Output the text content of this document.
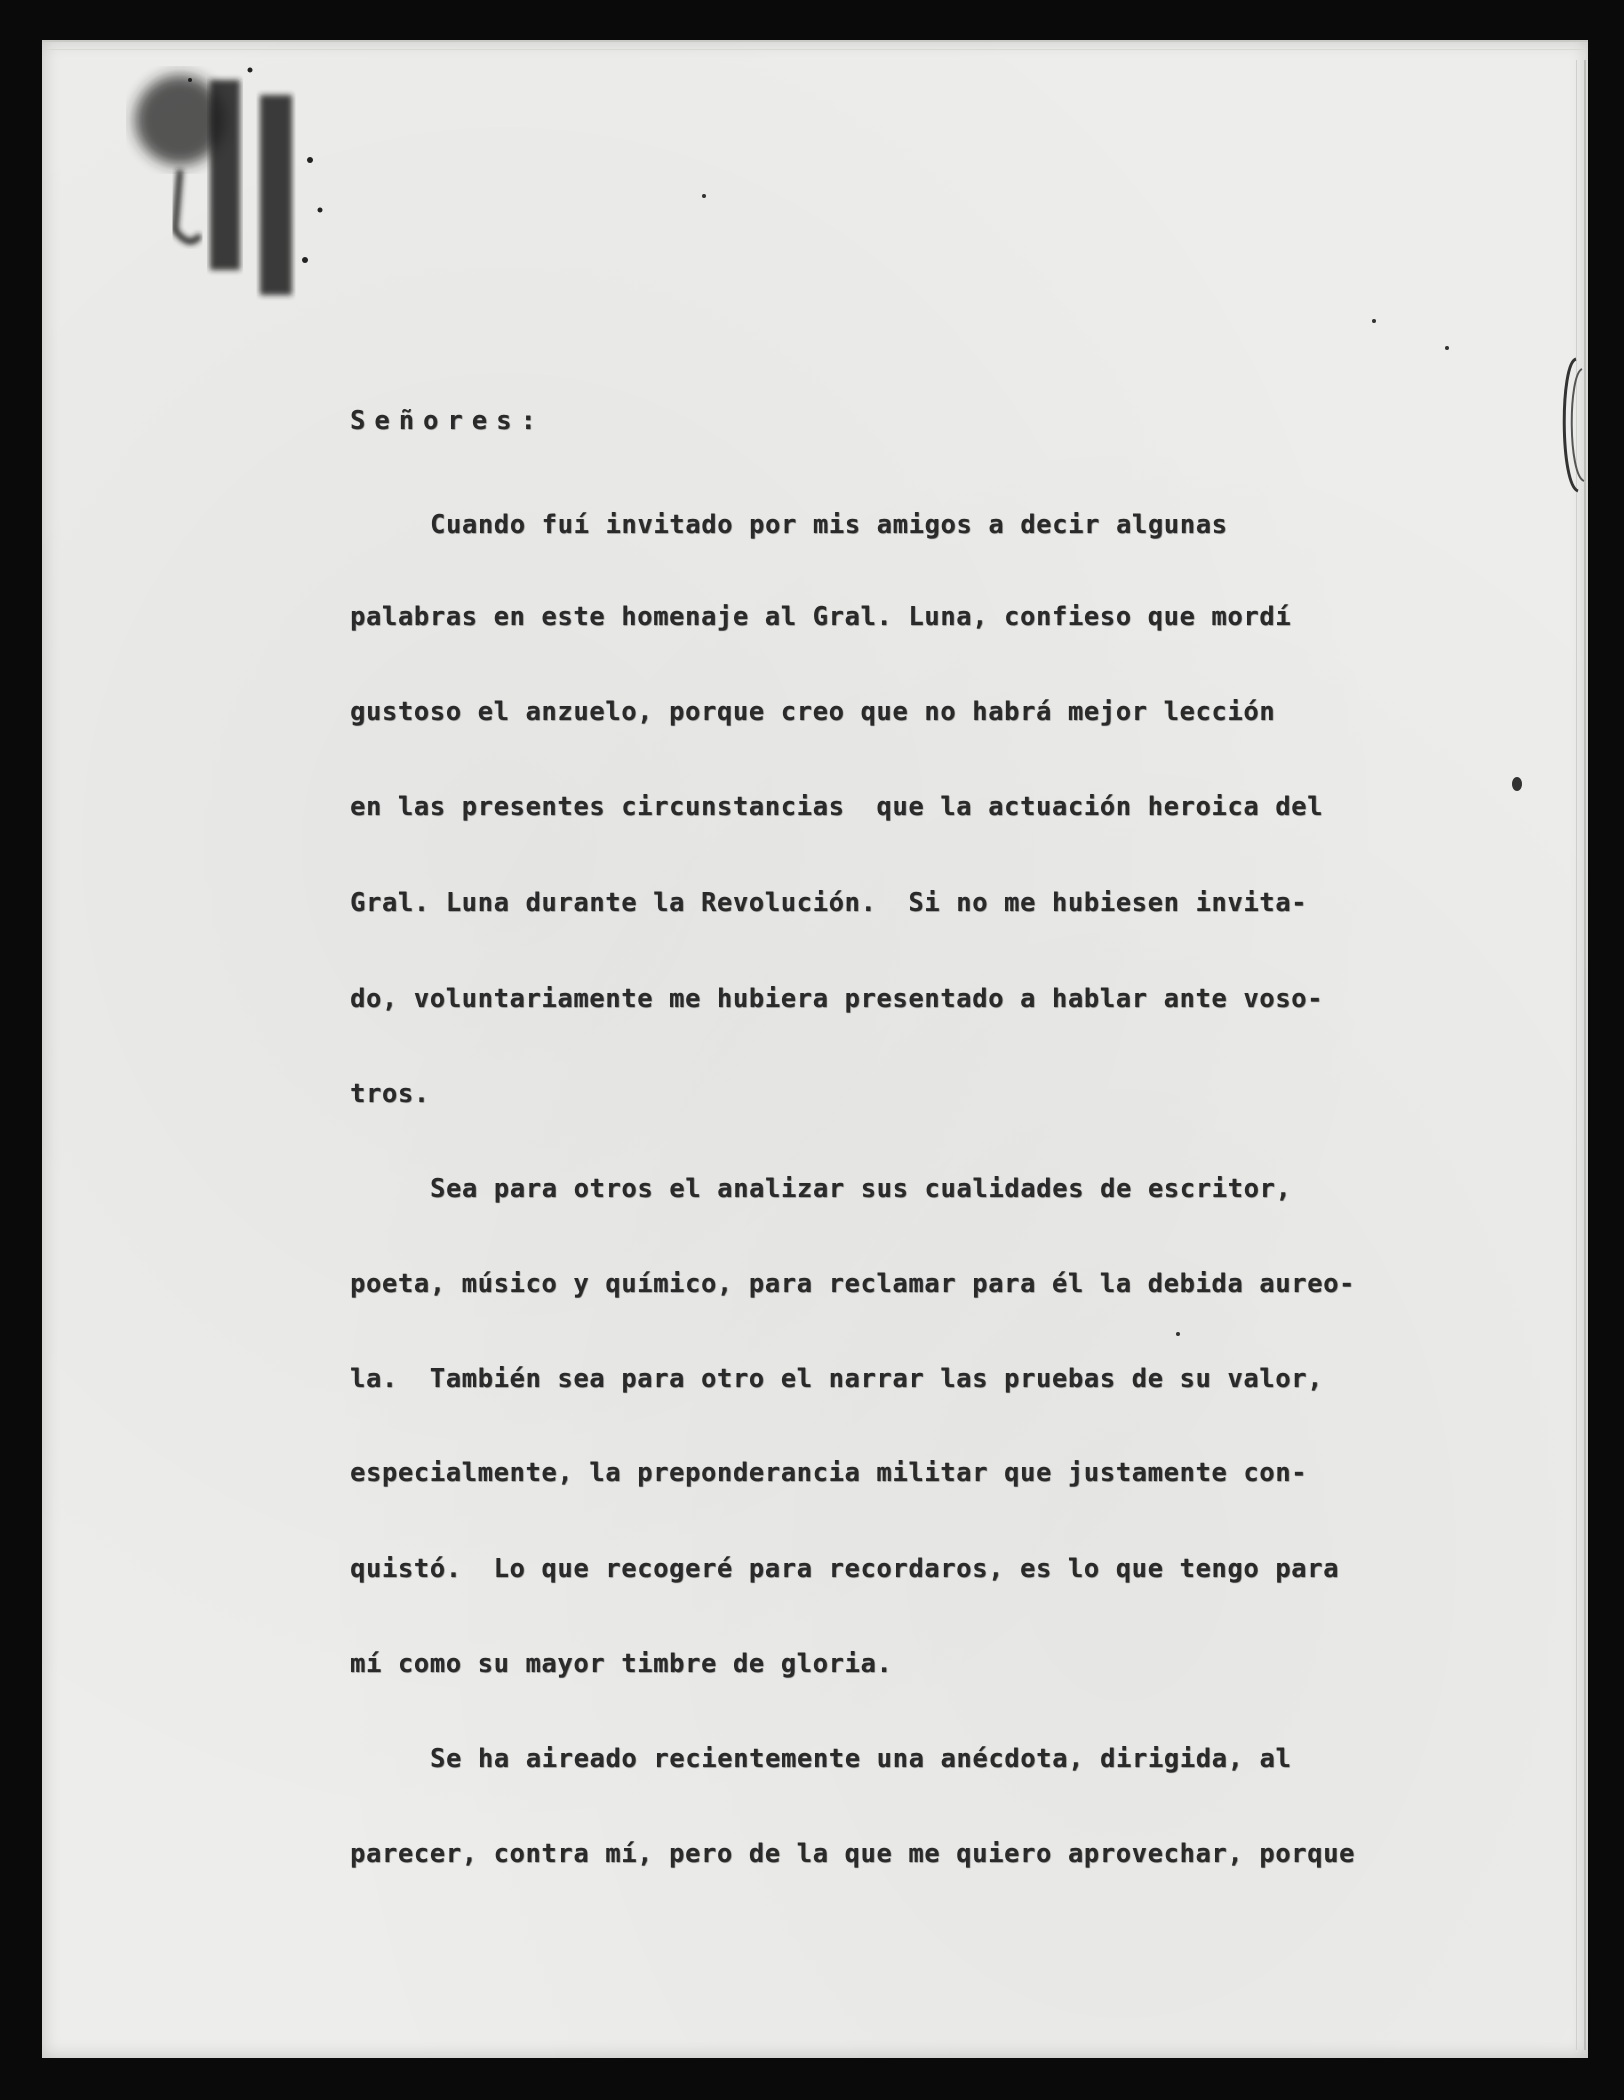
Señores:
Cuando fuí invitado por mis amigos a decir algunas
palabras en este homenaje al Gral. Luna, confieso que mordí
gustoso el anzuelo, porque creo que no habrá mejor lección
en las presentes circunstancias  que la actuación heroica del
Gral. Luna durante la Revolución.  Si no me hubiesen invita-
do, voluntariamente me hubiera presentado a hablar ante voso-
tros.
Sea para otros el analizar sus cualidades de escritor,
poeta, músico y químico, para reclamar para él la debida aureo-
la.  También sea para otro el narrar las pruebas de su valor,
especialmente, la preponderancia militar que justamente con-
quistó.  Lo que recogeré para recordaros, es lo que tengo para
mí como su mayor timbre de gloria.
Se ha aireado recientemente una anécdota, dirigida, al
parecer, contra mí, pero de la que me quiero aprovechar, porque
